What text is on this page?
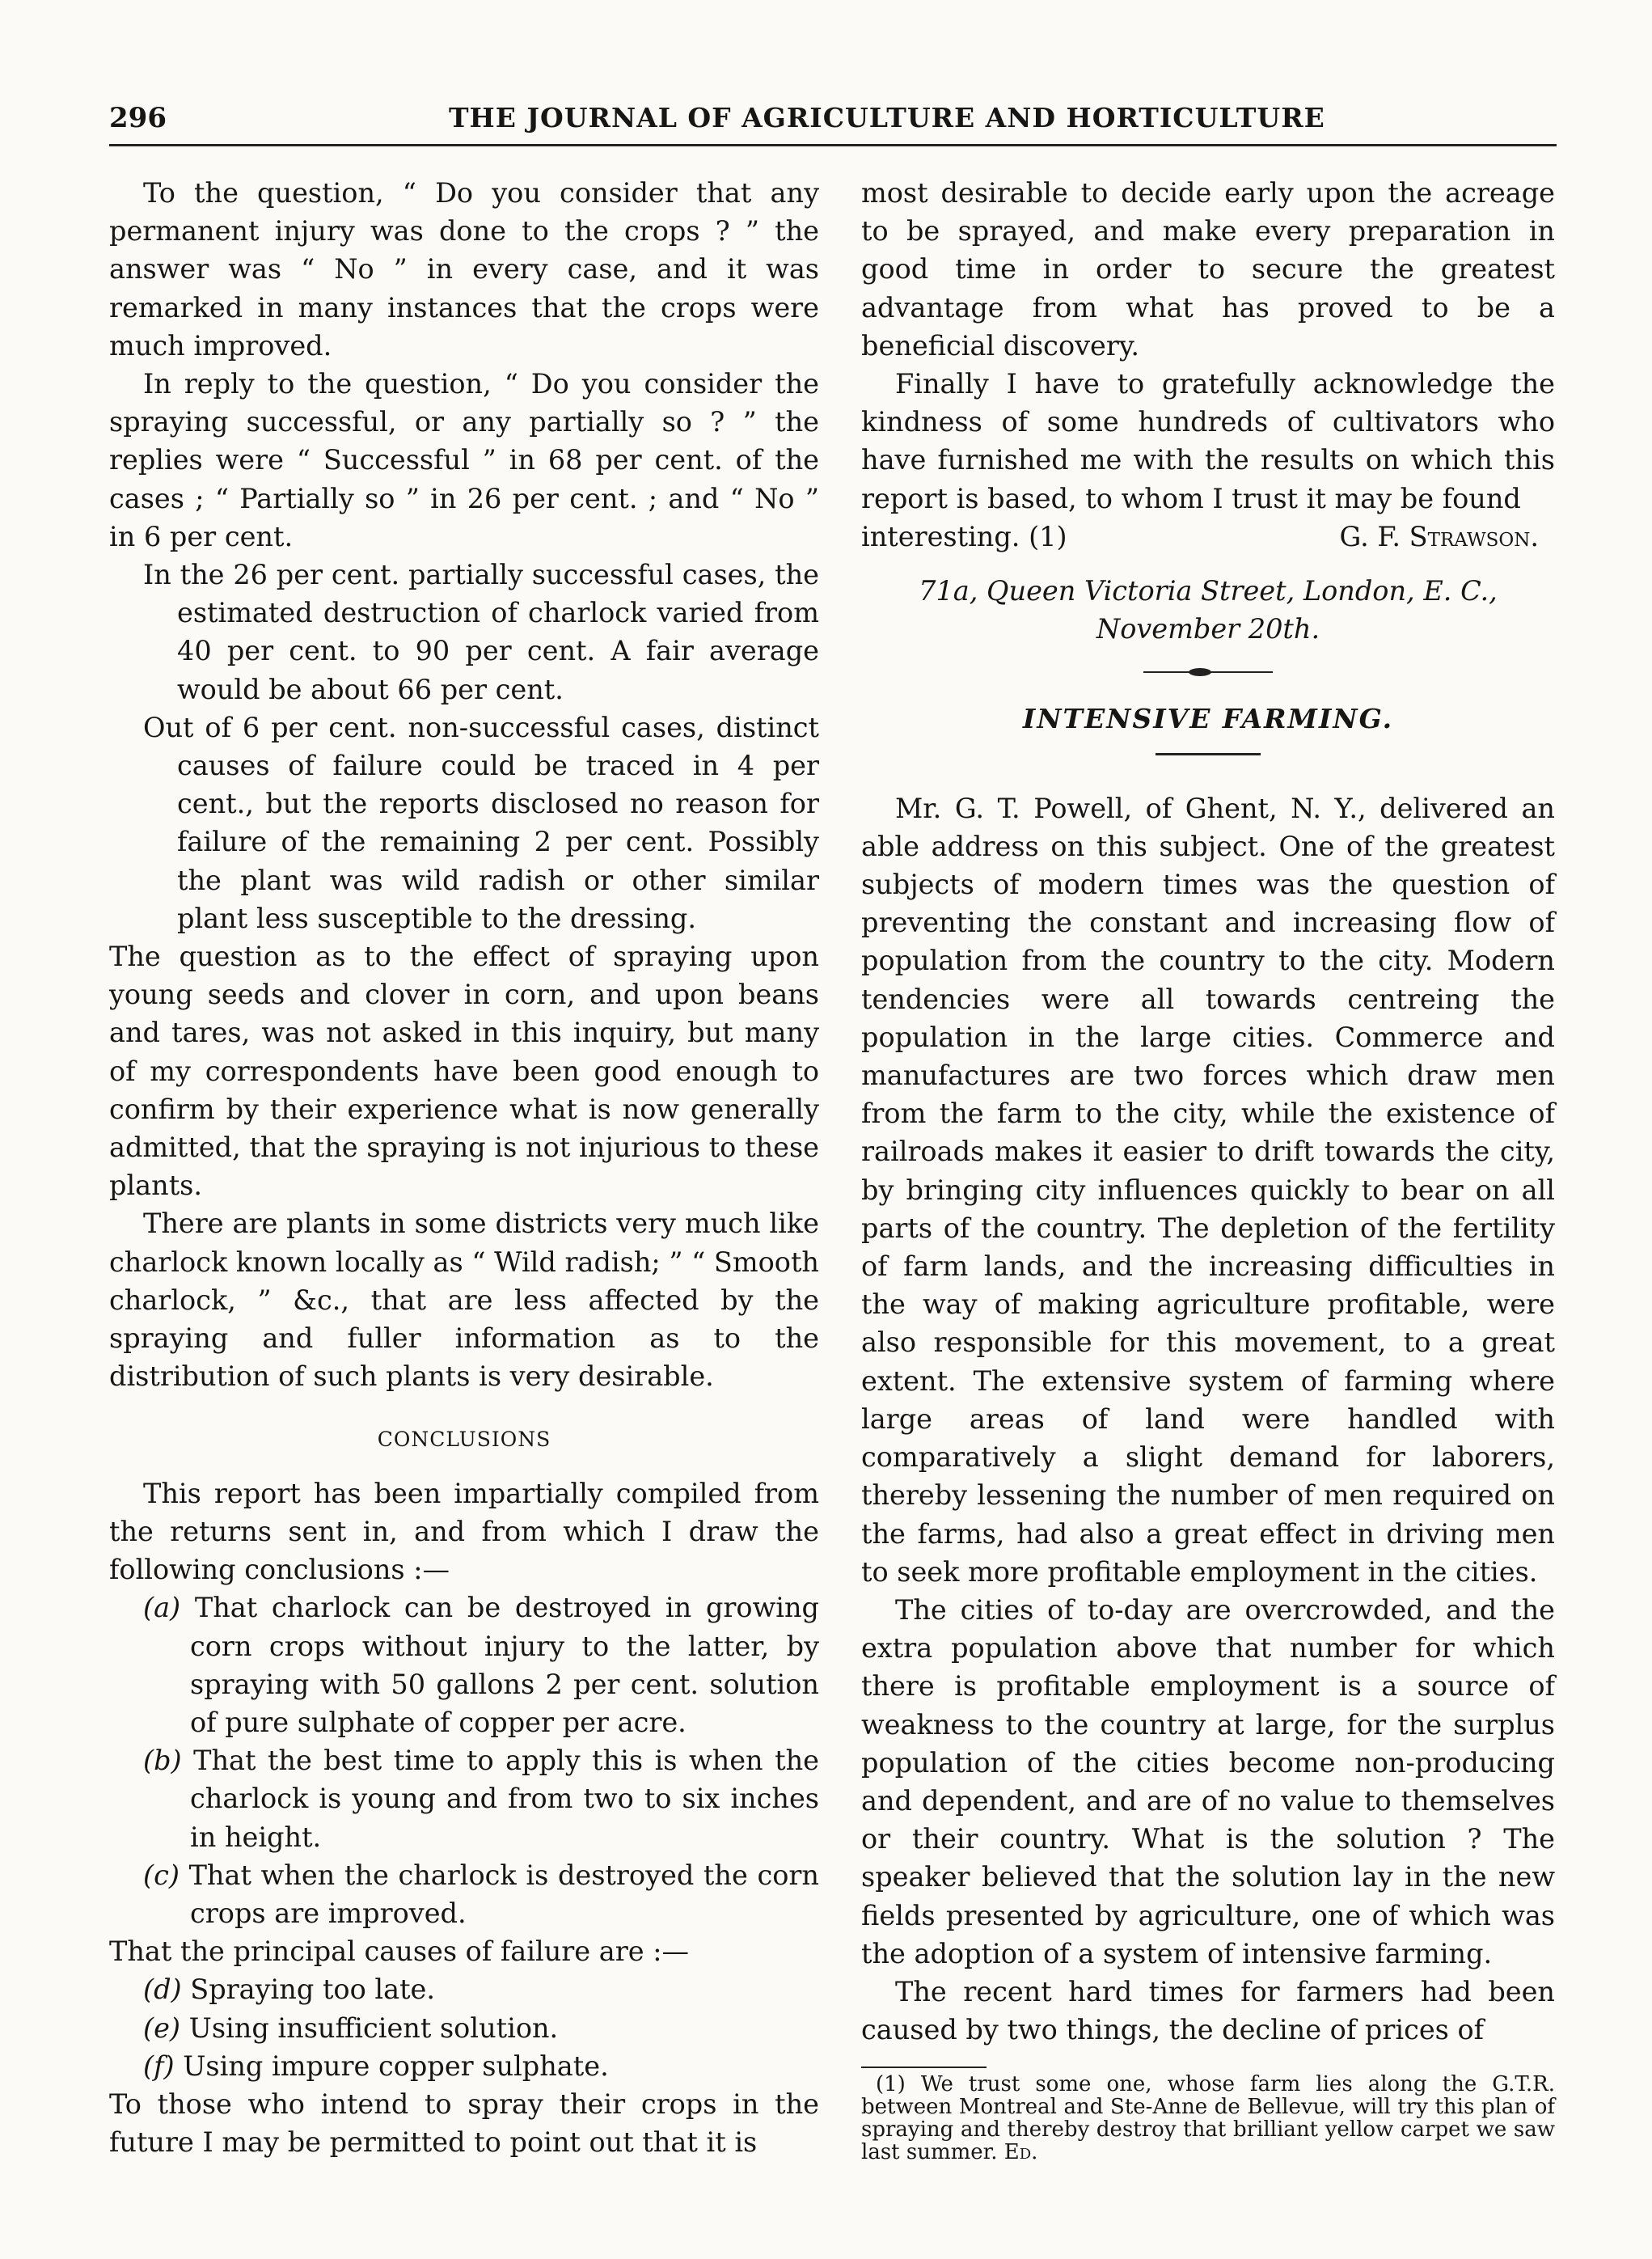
296	THE JOURNAL OF AGRICULTURE AND HORTICULTURE

To the question, “ Do you consider that any permanent injury was done to the crops ? ” the answer was “ No ” in every case, and it was remarked in many instances that the crops were much improved.

In reply to the question, “ Do you consider the spraying successful, or any partially so ? ” the replies were “ Successful ” in 68 per cent. of the cases ; “ Partially so ” in 26 per cent. ; and “ No ” in 6 per cent.

In the 26 per cent. partially successful cases, the estimated destruction of charlock varied from 40 per cent. to 90 per cent. A fair average would be about 66 per cent.

Out of 6 per cent. non-successful cases, distinct causes of failure could be traced in 4 per cent., but the reports disclosed no reason for failure of the remaining 2 per cent. Possibly the plant was wild radish or other similar plant less susceptible to the dressing.

The question as to the effect of spraying upon young seeds and clover in corn, and upon beans and tares, was not asked in this inquiry, but many of my correspondents have been good enough to confirm by their experience what is now generally admitted, that the spraying is not injurious to these plants.

There are plants in some districts very much like charlock known locally as “ Wild radish; ” “ Smooth charlock, ” &c., that are less affected by the spraying and fuller information as to the distribution of such plants is very desirable.

CONCLUSIONS

This report has been impartially compiled from the returns sent in, and from which I draw the following conclusions :—

(a) That charlock can be destroyed in growing corn crops without injury to the latter, by spraying with 50 gallons 2 per cent. solution of pure sulphate of copper per acre.

(b) That the best time to apply this is when the charlock is young and from two to six inches in height.

(c) That when the charlock is destroyed the corn crops are improved.

That the principal causes of failure are :—

(d) Spraying too late.

(e) Using insufficient solution.

(f) Using impure copper sulphate.

To those who intend to spray their crops in the future I may be permitted to point out that it is

most desirable to decide early upon the acreage to be sprayed, and make every preparation in good time in order to secure the greatest advantage from what has proved to be a beneficial discovery.

Finally I have to gratefully acknowledge the kindness of some hundreds of cultivators who have furnished me with the results on which this report is based, to whom I trust it may be found

interesting. (1)	G. F. Strawson.

71a, Queen Victoria Street, London, E. C.,

November 20th.

INTENSIVE FARMING.

Mr. G. T. Powell, of Ghent, N. Y., delivered an able address on this subject. One of the greatest subjects of modern times was the question of preventing the constant and increasing flow of population from the country to the city. Modern tendencies were all towards centreing the population in the large cities. Commerce and manufactures are two forces which draw men from the farm to the city, while the existence of railroads makes it easier to drift towards the city, by bringing city influences quickly to bear on all parts of the country. The depletion of the fertility of farm lands, and the increasing difficulties in the way of making agriculture profitable, were also responsible for this movement, to a great extent. The extensive system of farming where large areas of land were handled with comparatively a slight demand for laborers, thereby lessening the number of men required on the farms, had also a great effect in driving men to seek more profitable employment in the cities.

The cities of to-day are overcrowded, and the extra population above that number for which there is profitable employment is a source of weakness to the country at large, for the surplus population of the cities become non-producing and dependent, and are of no value to themselves or their country. What is the solution ? The speaker believed that the solution lay in the new fields presented by agriculture, one of which was the adoption of a system of intensive farming.

The recent hard times for farmers had been caused by two things, the decline of prices of

(1) We trust some one, whose farm lies along the G.T.R. between Montreal and Ste-Anne de Bellevue, will try this plan of spraying and thereby destroy that brilliant yellow carpet we saw last summer. Ed.
